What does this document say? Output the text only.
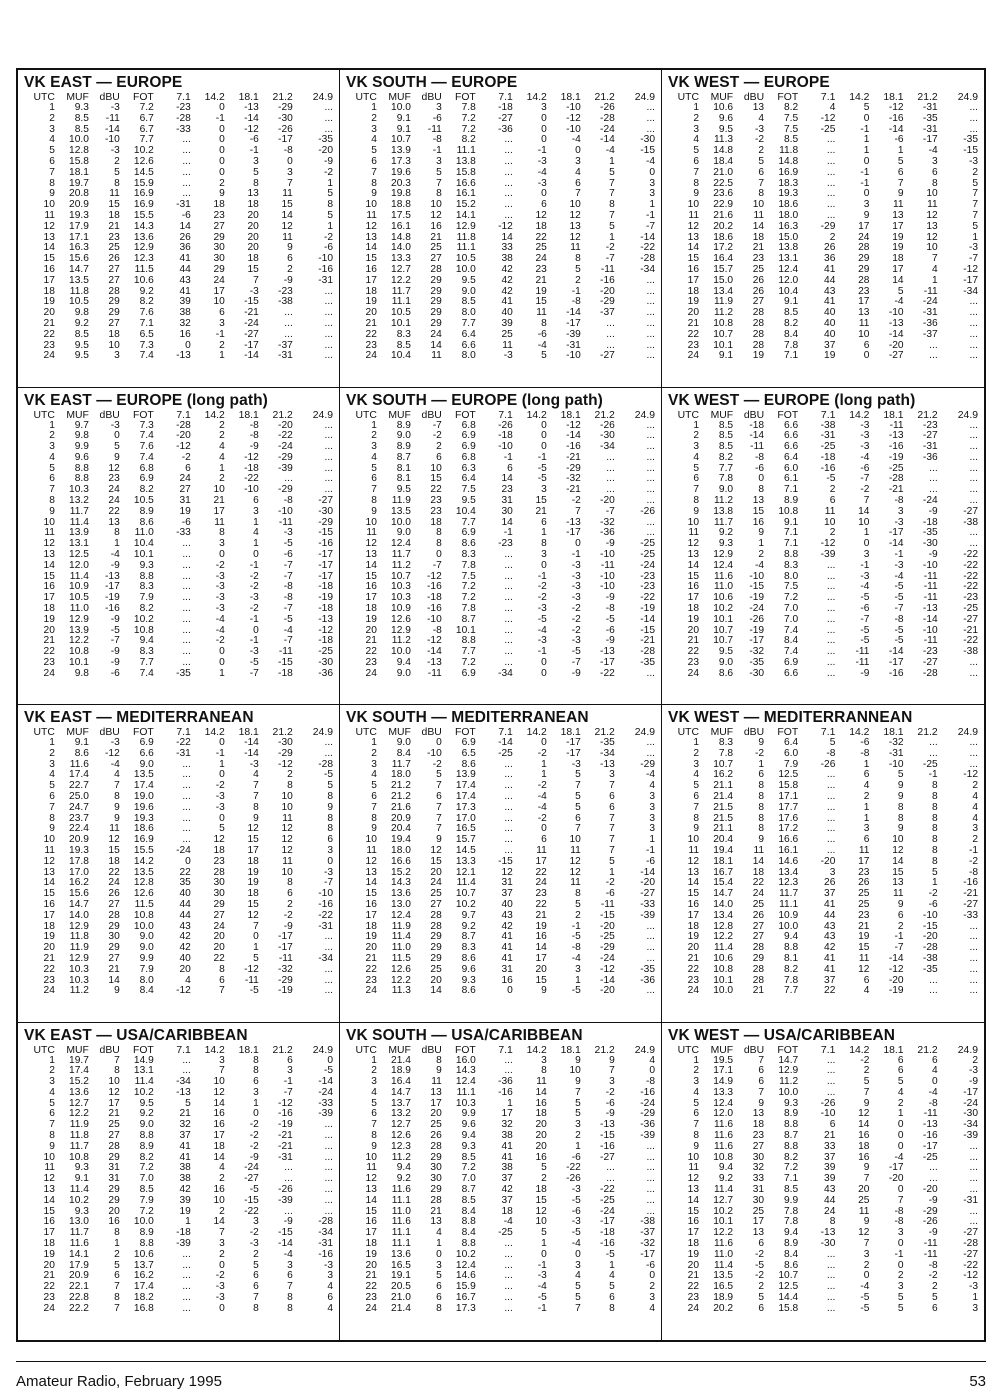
VK EAST — EUROPE
UTC	MUF	dBU	FOT	7.1	14.2	18.1	21.2	24.9
1	9.3	-3	7.2	-23	0	-13	-29	...
2	8.5	-11	6.7	-28	-1	-14	-30	...
3	8.5	-14	6.7	-33	0	-12	-26	...
4	10.0	-10	7.7	...	0	-6	-17	-35
5	12.8	-3	10.2	...	0	-1	-8	-20
6	15.8	2	12.6	...	0	3	0	-9
7	18.1	5	14.5	...	0	5	3	-2
8	19.7	8	15.9	...	2	8	7	1
9	20.8	11	16.9	...	9	13	11	5
10	20.9	15	16.9	-31	18	18	15	8
11	19.3	18	15.5	-6	23	20	14	5
12	17.9	21	14.3	14	27	20	12	1
13	17.1	23	13.6	26	29	20	11	-2
14	16.3	25	12.9	36	30	20	9	-6
15	15.6	26	12.3	41	30	18	6	-10
16	14.7	27	11.5	44	29	15	2	-16
17	13.5	27	10.6	43	24	7	-9	-31
18	11.8	28	9.2	41	17	-3	-23	...
19	10.5	29	8.2	39	10	-15	-38	...
20	9.8	29	7.6	38	6	-21	...	...
21	9.2	27	7.1	32	3	-24	...	...
22	8.5	18	6.5	16	-1	-27	...	...
23	9.5	10	7.3	0	2	-17	-37	...
24	9.5	3	7.4	-13	1	-14	-31	...
VK SOUTH — EUROPE
UTC	MUF	dBU	FOT	7.1	14.2	18.1	21.2	24.9
1	10.0	3	7.8	-18	3	-10	-26	...
2	9.1	-6	7.2	-27	0	-12	-28	...
3	9.1	-11	7.2	-36	0	-10	-24	...
4	10.7	-8	8.2	...	0	-4	-14	-30
5	13.9	-1	11.1	...	-1	0	-4	-15
6	17.3	3	13.8	...	-3	3	1	-4
7	19.6	5	15.8	...	-4	4	5	0
8	20.3	7	16.6	...	-3	6	7	3
9	19.8	8	16.1	...	0	7	7	3
10	18.8	10	15.2	...	6	10	8	1
11	17.5	12	14.1	...	12	12	7	-1
12	16.1	16	12.9	-12	18	13	5	-7
13	14.8	21	11.8	14	22	12	1	-14
14	14.0	25	11.1	33	25	11	-2	-22
15	13.3	27	10.5	38	24	8	-7	-28
16	12.7	28	10.0	42	23	5	-11	-34
17	12.2	29	9.5	42	21	2	-16	...
18	11.7	29	9.0	42	19	-1	-20	...
19	11.1	29	8.5	41	15	-8	-29	...
20	10.5	29	8.0	40	11	-14	-37	...
21	10.1	29	7.7	39	8	-17	...	...
22	8.3	24	6.4	25	-6	-39	...	...
23	8.5	14	6.6	11	-4	-31	...	...
24	10.4	11	8.0	-3	5	-10	-27	...
VK WEST — EUROPE
UTC	MUF	dBU	FOT	7.1	14.2	18.1	21.2	24.9
1	10.6	13	8.2	4	5	-12	-31	...
2	9.6	4	7.5	-12	0	-16	-35	...
3	9.5	-3	7.5	-25	-1	-14	-31	...
4	11.3	-2	8.5	...	1	-6	-17	-35
5	14.8	2	11.8	...	1	1	-4	-15
6	18.4	5	14.8	...	0	5	3	-3
7	21.0	6	16.9	...	-1	6	6	2
8	22.5	7	18.3	...	-1	7	8	5
9	23.6	8	19.3	...	0	9	10	7
10	22.9	10	18.6	...	3	11	11	7
11	21.6	11	18.0	...	9	13	12	7
12	20.2	14	16.3	-29	17	17	13	5
13	18.6	18	15.0	2	24	19	12	1
14	17.2	21	13.8	26	28	19	10	-3
15	16.4	23	13.1	36	29	18	7	-7
16	15.7	25	12.4	41	29	17	4	-12
17	15.0	26	12.0	44	28	14	1	-17
18	13.4	26	10.4	43	23	5	-11	-34
19	11.9	27	9.1	41	17	-4	-24	...
20	11.2	28	8.5	40	13	-10	-31	...
21	10.8	28	8.2	40	11	-13	-36	...
22	10.7	28	8.4	40	10	-14	-37	...
23	10.1	28	7.8	37	6	-20	...	...
24	9.1	19	7.1	19	0	-27	...	...
VK EAST — EUROPE (long path)
UTC	MUF	dBU	FOT	7.1	14.2	18.1	21.2	24.9
1	9.7	-3	7.3	-28	2	-8	-20	...
2	9.8	0	7.4	-20	2	-8	-22	...
3	9.9	5	7.6	-12	4	-9	-24	...
4	9.6	9	7.4	-2	4	-12	-29	...
5	8.8	12	6.8	6	1	-18	-39	...
6	8.8	23	6.9	24	2	-22	...	...
7	10.3	24	8.2	27	10	-10	-29	...
8	13.2	24	10.5	31	21	6	-8	-27
9	11.7	22	8.9	19	17	3	-10	-30
10	11.4	13	8.6	-6	11	1	-11	-29
11	13.9	8	11.0	-33	8	4	-3	-15
12	13.1	1	10.4	...	3	1	-5	-16
13	12.5	-4	10.1	...	0	0	-6	-17
14	12.0	-9	9.3	...	-2	-1	-7	-17
15	11.4	-13	8.8	...	-3	-2	-7	-17
16	10.9	-17	8.3	...	-3	-2	-8	-18
17	10.5	-19	7.9	...	-3	-3	-8	-19
18	11.0	-16	8.2	...	-3	-2	-7	-18
19	12.9	-9	10.2	...	-4	-1	-5	-13
20	13.9	-5	10.8	...	-4	0	-4	-12
21	12.2	-7	9.4	...	-2	-1	-7	-18
22	10.8	-9	8.3	...	0	-3	-11	-25
23	10.1	-9	7.7	...	0	-5	-15	-30
24	9.8	-6	7.4	-35	1	-7	-18	-36
VK SOUTH — EUROPE (long path)
UTC	MUF	dBU	FOT	7.1	14.2	18.1	21.2	24.9
1	8.9	-7	6.8	-26	0	-12	-26	...
2	9.0	-2	6.9	-18	0	-14	-30	...
3	8.9	2	6.9	-10	0	-16	-34	...
4	8.7	6	6.8	-1	-1	-21	...	...
5	8.1	10	6.3	6	-5	-29	...	...
6	8.1	15	6.4	14	-5	-32	...	...
7	9.5	22	7.5	23	3	-21	...	...
8	11.9	23	9.5	31	15	-2	-20	...
9	13.5	23	10.4	30	21	7	-7	-26
10	10.0	18	7.7	14	6	-13	-32	...
11	9.0	8	6.9	-1	1	-17	-36	...
12	12.4	8	8.6	-23	8	0	-9	-25
13	11.7	0	8.3	...	3	-1	-10	-25
14	11.2	-7	7.8	...	0	-3	-11	-24
15	10.7	-12	7.5	...	-1	-3	-10	-23
16	10.3	-16	7.2	...	-2	-3	-10	-23
17	10.3	-18	7.2	...	-2	-3	-9	-22
18	10.9	-16	7.8	...	-3	-2	-8	-19
19	12.6	-10	8.7	...	-5	-2	-5	-14
20	12.9	-8	10.1	...	-4	-2	-6	-15
21	11.2	-12	8.8	...	-3	-3	-9	-21
22	10.0	-14	7.7	...	-1	-5	-13	-28
23	9.4	-13	7.2	...	0	-7	-17	-35
24	9.0	-11	6.9	-34	0	-9	-22	...
VK WEST — EUROPE (long path)
UTC	MUF	dBU	FOT	7.1	14.2	18.1	21.2	24.9
1	8.5	-18	6.6	-38	-3	-11	-23	...
2	8.5	-14	6.6	-31	-3	-13	-27	...
3	8.5	-11	6.6	-25	-3	-16	-31	...
4	8.2	-8	6.4	-18	-4	-19	-36	...
5	7.7	-6	6.0	-16	-6	-25	...	...
6	7.8	0	6.1	-5	-7	-28	...	...
7	9.0	8	7.1	2	-2	-21	...	...
8	11.2	13	8.9	6	7	-8	-24	...
9	13.8	15	10.8	11	14	3	-9	-27
10	11.7	16	9.1	10	10	-3	-18	-38
11	9.2	9	7.1	2	1	-17	-35	...
12	9.3	1	7.1	-12	0	-14	-30	...
13	12.9	2	8.8	-39	3	-1	-9	-22
14	12.4	-4	8.3	...	-1	-3	-10	-22
15	11.6	-10	8.0	...	-3	-4	-11	-22
16	11.0	-15	7.5	...	-4	-5	-11	-22
17	10.6	-19	7.2	...	-5	-5	-11	-23
18	10.2	-24	7.0	...	-6	-7	-13	-25
19	10.1	-26	7.0	...	-7	-8	-14	-27
20	10.7	-19	7.4	...	-5	-5	-10	-21
21	10.7	-17	8.4	...	-5	-5	-11	-22
22	9.5	-32	7.4	...	-11	-14	-23	-38
23	9.0	-35	6.9	...	-11	-17	-27	...
24	8.6	-30	6.6	...	-9	-16	-28	...
VK EAST — MEDITERRANEAN
UTC	MUF	dBU	FOT	7.1	14.2	18.1	21.2	24.9
1	9.1	-3	6.9	-22	0	-14	-30	...
2	8.6	-12	6.6	-31	-1	-14	-29	...
3	11.6	-4	9.0	...	1	-3	-12	-28
4	17.4	4	13.5	...	0	4	2	-5
5	22.7	7	17.4	...	-2	7	8	5
6	25.0	8	19.0	...	-3	7	10	8
7	24.7	9	19.6	...	-3	8	10	9
8	23.7	9	19.3	...	0	9	11	8
9	22.4	11	18.6	...	5	12	12	8
10	20.9	12	16.9	...	12	15	12	6
11	19.3	15	15.5	-24	18	17	12	3
12	17.8	18	14.2	0	23	18	11	0
13	17.0	22	13.5	22	28	19	10	-3
14	16.2	24	12.8	35	30	19	8	-7
15	15.6	26	12.6	40	30	18	6	-10
16	14.7	27	11.5	44	29	15	2	-16
17	14.0	28	10.8	44	27	12	-2	-22
18	12.9	29	10.0	43	24	7	-9	-31
19	11.8	30	9.0	42	20	0	-17	...
20	11.9	29	9.0	42	20	1	-17	...
21	12.9	27	9.9	40	22	5	-11	-34
22	10.3	21	7.9	20	8	-12	-32	...
23	10.3	14	8.0	4	6	-11	-29	...
24	11.2	9	8.4	-12	7	-5	-19	...
VK SOUTH — MEDITERRANEAN
UTC	MUF	dBU	FOT	7.1	14.2	18.1	21.2	24.9
1	9.0	0	6.9	-14	0	-17	-35	...
2	8.4	-10	6.5	-25	-2	-17	-34	...
3	11.7	-2	8.6	...	1	-3	-13	-29
4	18.0	5	13.9	...	1	5	3	-4
5	21.2	7	17.4	...	-2	7	7	4
6	21.2	6	17.4	...	-4	5	6	3
7	21.6	7	17.3	...	-4	5	6	3
8	20.9	7	17.0	...	-2	6	7	3
9	20.4	7	16.5	...	0	7	7	3
10	19.4	9	15.7	...	6	10	7	1
11	18.0	12	14.5	...	11	11	7	-1
12	16.6	15	13.3	-15	17	12	5	-6
13	15.2	20	12.1	12	22	12	1	-14
14	14.3	24	11.4	31	24	11	-2	-20
15	13.6	25	10.7	37	23	8	-6	-27
16	13.0	27	10.2	40	22	5	-11	-33
17	12.4	28	9.7	43	21	2	-15	-39
18	11.9	28	9.2	42	19	-1	-20	...
19	11.4	29	8.7	41	16	-5	-25	...
20	11.0	29	8.3	41	14	-8	-29	...
21	11.5	29	8.6	41	17	-4	-24	...
22	12.6	25	9.6	31	20	3	-12	-35
23	12.2	20	9.3	16	15	1	-14	-36
24	11.3	14	8.6	0	9	-5	-20	...
VK WEST — MEDITERRANNEAN
UTC	MUF	dBU	FOT	7.1	14.2	18.1	21.2	24.9
1	8.3	9	6.4	5	-6	-32	...	...
2	7.8	-2	6.0	-8	-8	-31	...	...
3	10.7	1	7.9	-26	1	-10	-25	...
4	16.2	6	12.5	...	6	5	-1	-12
5	21.1	8	15.8	...	4	9	8	2
6	21.4	8	17.1	...	2	9	8	4
7	21.5	8	17.7	...	1	8	8	4
8	21.5	8	17.6	...	1	8	8	4
9	21.1	8	17.2	...	3	9	8	3
10	20.4	9	16.6	...	6	10	8	2
11	19.4	11	16.1	...	11	12	8	-1
12	18.1	14	14.6	-20	17	14	8	-2
13	16.7	18	13.4	3	23	15	5	-8
14	15.4	22	12.3	26	26	13	1	-16
15	14.7	24	11.7	37	25	11	-2	-21
16	14.0	25	11.1	41	25	9	-6	-27
17	13.4	26	10.9	44	23	6	-10	-33
18	12.8	27	10.0	43	21	2	-15	...
19	12.2	27	9.4	43	19	-1	-20	...
20	11.4	28	8.8	42	15	-7	-28	...
21	10.6	29	8.1	41	11	-14	-38	...
22	10.8	28	8.2	41	12	-12	-35	...
23	10.1	28	7.8	37	6	-20	...	...
24	10.0	21	7.7	22	4	-19	...	...
VK EAST — USA/CARIBBEAN
UTC	MUF	dBU	FOT	7.1	14.2	18.1	21.2	24.9
1	19.7	7	14.9	...	3	8	6	0
2	17.4	8	13.1	...	7	8	3	-5
3	15.2	10	11.4	-34	10	6	-1	-14
4	13.6	12	10.2	-13	12	3	-7	-24
5	12.7	17	9.5	5	14	1	-12	-33
6	12.2	21	9.2	21	16	0	-16	-39
7	11.9	25	9.0	32	16	-2	-19	...
8	11.8	27	8.8	37	17	-2	-21	...
9	11.7	28	8.9	41	18	-2	-21	...
10	10.8	29	8.2	41	14	-9	-31	...
11	9.3	31	7.2	38	4	-24	...	...
12	9.1	31	7.0	38	2	-27	...	...
13	11.4	29	8.5	42	16	-5	-26	...
14	10.2	29	7.9	39	10	-15	-39	...
15	9.3	20	7.2	19	2	-22	...	...
16	13.0	16	10.0	1	14	3	-9	-28
17	11.7	8	8.9	-18	7	-2	-15	-34
18	11.6	1	8.8	-39	3	-3	-14	-31
19	14.1	2	10.6	...	2	2	-4	-16
20	17.9	5	13.7	...	0	5	3	-3
21	20.9	6	16.2	...	-2	6	6	3
22	22.1	7	17.4	...	-3	6	7	4
23	22.8	8	18.2	...	-3	7	8	6
24	22.2	7	16.8	...	0	8	8	4
VK SOUTH — USA/CARIBBEAN
UTC	MUF	dBU	FOT	7.1	14.2	18.1	21.2	24.9
1	21.4	8	16.0	...	3	9	9	4
2	18.9	9	14.3	...	8	10	7	0
3	16.4	11	12.4	-36	11	9	3	-8
4	14.7	13	11.1	-16	14	7	-2	-16
5	13.7	17	10.3	1	16	5	-6	-24
6	13.2	20	9.9	17	18	5	-9	-29
7	12.7	25	9.6	32	20	3	-13	-36
8	12.6	26	9.4	38	20	2	-15	-39
9	12.3	28	9.3	41	20	1	-16	...
10	11.2	29	8.5	41	16	-6	-27	...
11	9.4	30	7.2	38	5	-22	...	...
12	9.2	30	7.0	37	2	-26	...	...
13	11.6	29	8.7	42	18	-3	-22	...
14	11.1	28	8.5	37	15	-5	-25	...
15	11.0	21	8.4	18	12	-6	-24	...
16	11.6	13	8.8	-4	10	-3	-17	-38
17	11.1	4	8.4	-25	5	-5	-18	-37
18	11.1	1	8.8	...	1	-4	-16	-32
19	13.6	0	10.2	...	0	0	-5	-17
20	16.5	3	12.4	...	-1	3	1	-6
21	19.1	5	14.6	...	-3	4	4	0
22	20.5	6	15.9	...	-4	5	5	2
23	21.0	6	16.7	...	-5	5	6	3
24	21.4	8	17.3	...	-1	7	8	4
VK WEST — USA/CARIBBEAN
UTC	MUF	dBU	FOT	7.1	14.2	18.1	21.2	24.9
1	19.5	7	14.7	...	-2	6	6	2
2	17.1	6	12.9	...	2	6	4	-3
3	14.9	6	11.2	...	5	5	0	-9
4	13.3	7	10.0	...	7	4	-4	-17
5	12.4	9	9.3	-26	9	2	-8	-24
6	12.0	13	8.9	-10	12	1	-11	-30
7	11.6	18	8.8	6	14	0	-13	-34
8	11.6	23	8.7	21	16	0	-16	-39
9	11.6	27	8.8	33	18	0	-17	...
10	10.8	30	8.2	37	16	-4	-25	...
11	9.4	32	7.2	39	9	-17	...	...
12	9.2	33	7.1	39	7	-20	...	...
13	11.4	31	8.5	43	20	0	-20	...
14	12.7	30	9.9	44	25	7	-9	-31
15	10.2	25	7.8	24	11	-8	-29	...
16	10.1	17	7.8	8	9	-8	-26	...
17	12.2	13	9.4	-13	12	3	-9	-27
18	11.6	6	8.9	-30	7	0	-11	-28
19	11.0	-2	8.4	...	3	-1	-11	-27
20	11.4	-5	8.6	...	2	0	-8	-22
21	13.5	-2	10.7	...	0	2	-2	-12
22	16.5	2	12.5	...	-4	3	2	-3
23	18.9	5	14.4	...	-5	5	5	1
24	20.2	6	15.8	...	-5	5	6	3
Amateur Radio, February 1995	53
